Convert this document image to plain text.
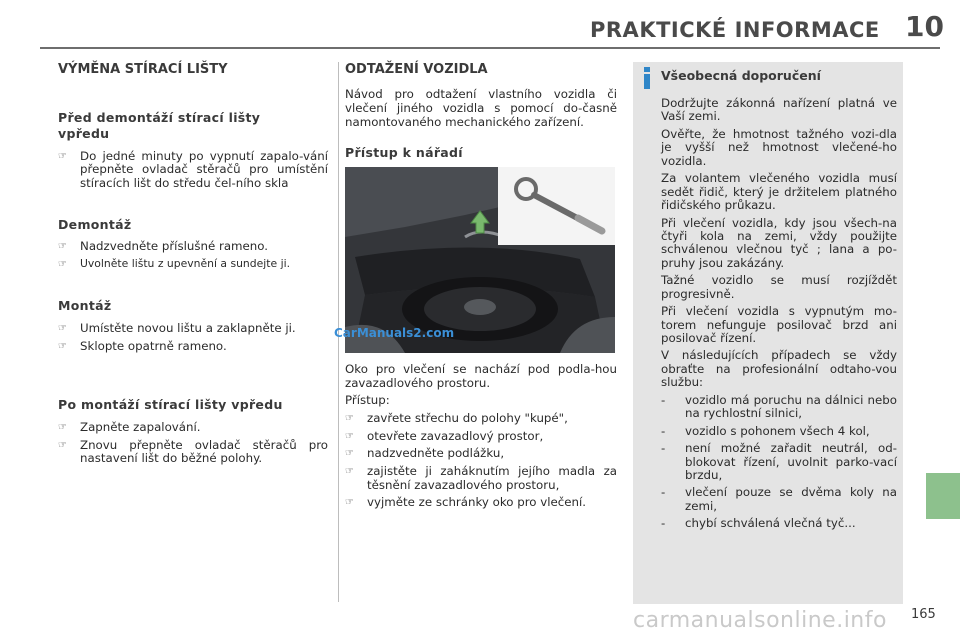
PRAKTICKÉ INFORMACE 10
VÝMĚNA STÍRACÍ LIŠTY
Před demontáží stírací lišty vpředu
☞	Do jedné minuty po vypnutí zapalo-vání přepněte ovladač stěračů pro umístění stíracích lišt do středu čel-ního skla
Demontáž
☞	Nadzvedněte příslušné rameno.
☞	Uvolněte lištu z upevnění a sundejte ji.
Montáž
☞	Umístěte novou lištu a zaklapněte ji.
☞	Sklopte opatrně rameno.
Po montáží stírací lišty vpředu
☞	Zapněte zapalování.
☞	Znovu přepněte ovladač stěračů pro nastavení lišt do běžné polohy.
ODTAŽENÍ VOZIDLA
Návod pro odtažení vlastního vozidla či vlečení jiného vozidla s pomocí do-časně namontovaného mechanického zařízení.
Přístup k nářadí
Oko pro vlečení se nachází pod podla-hou zavazadlového prostoru.
Přístup:
☞	zavřete střechu do polohy "kupé",
☞	otevřete zavazadlový prostor,
☞	nadzvedněte podlážku,
☞	zajistěte ji zaháknutím jejího madla za těsnění zavazadlového prostoru,
☞	vyjměte ze schránky oko pro vlečení.
Všeobecná doporučení
Dodržujte zákonná nařízení platná ve Vaší zemi.
Ověřte, že hmotnost tažného vozi-dla je vyšší než hmotnost vlečené-ho vozidla.
Za volantem vlečeného vozidla musí sedět řidič, který je držitelem platného řidičského průkazu.
Při vlečení vozidla, kdy jsou všech-na čtyři kola na zemi, vždy použijte schválenou vlečnou tyč ; lana a po-pruhy jsou zakázány.
Tažné vozidlo se musí rozjíždět progresivně.
Při vlečení vozidla s vypnutým mo-torem nefunguje posilovač brzd ani posilovač řízení.
V následujících případech se vždy obraťte na profesionální odtaho-vou službu:
-	vozidlo má poruchu na dálnici nebo na rychlostní silnici,
-	vozidlo s pohonem všech 4 kol,
-	není možné zařadit neutrál, od-blokovat řízení, uvolnit parko-vací brzdu,
-	vlečení pouze se dvěma koly na zemi,
-	chybí schválená vlečná tyč...
165
CarManuals2.com
carmanualsonline.info
